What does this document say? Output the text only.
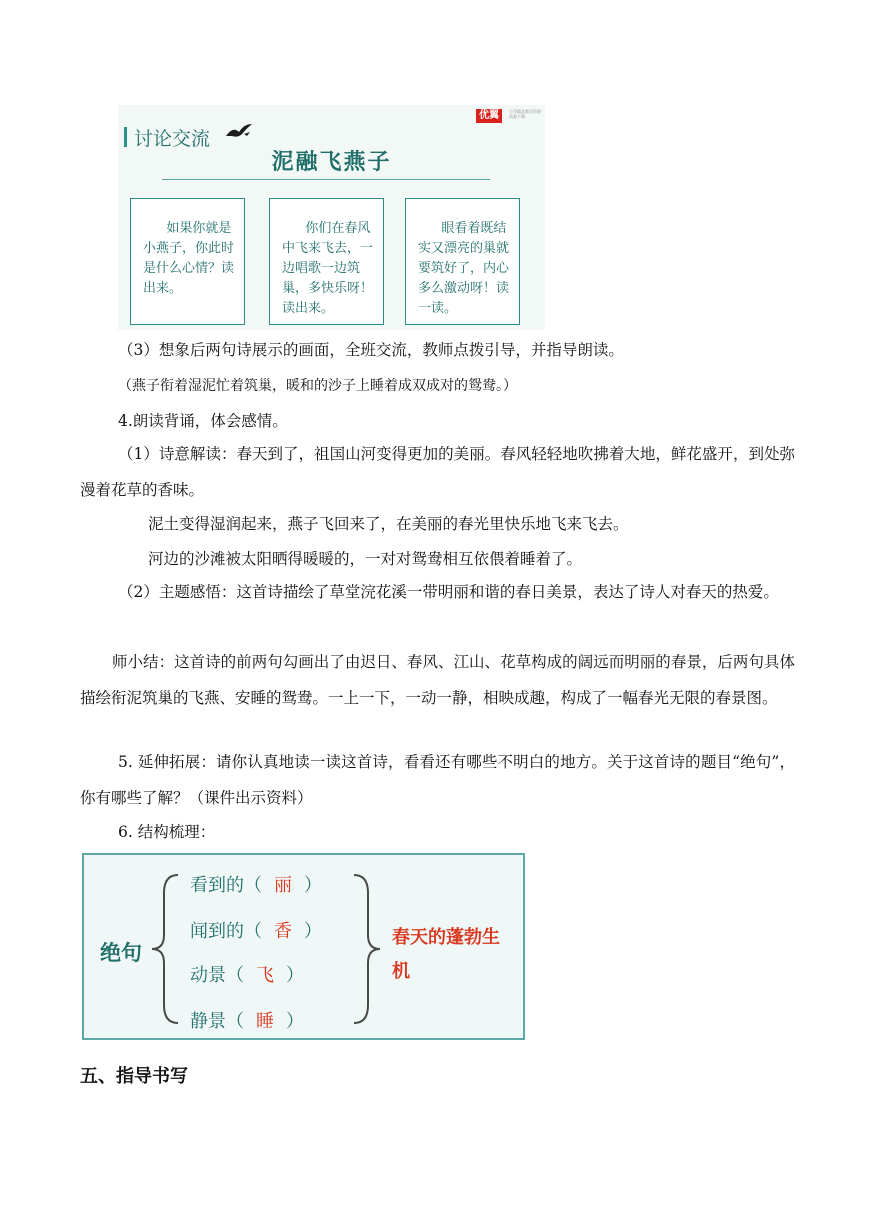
讨论交流
优翼	小学精品教学资源 资源下载
泥融飞燕子
如果你就是小燕子，你此时是什么心情？读出来。
你们在春风中飞来飞去，一边唱歌一边筑巢，多快乐呀！读出来。
眼看着既结实又漂亮的巢就要筑好了，内心多么激动呀！读一读。
（3）想象后两句诗展示的画面，全班交流，教师点拨引导，并指导朗读。
（燕子衔着湿泥忙着筑巢，暖和的沙子上睡着成双成对的鸳鸯。）
4.朗读背诵，体会感情。
（1）诗意解读：春天到了，祖国山河变得更加的美丽。春风轻轻地吹拂着大地，鲜花盛开，到处弥漫着花草的香味。
泥土变得湿润起来，燕子飞回来了，在美丽的春光里快乐地飞来飞去。
河边的沙滩被太阳晒得暖暖的，一对对鸳鸯相互依偎着睡着了。
（2）主题感悟：这首诗描绘了草堂浣花溪一带明丽和谐的春日美景，表达了诗人对春天的热爱。
师小结：这首诗的前两句勾画出了由迟日、春风、江山、花草构成的阔远而明丽的春景，后两句具体描绘衔泥筑巢的飞燕、安睡的鸳鸯。一上一下，一动一静，相映成趣，构成了一幅春光无限的春景图。
5. 延伸拓展：请你认真地读一读这首诗，看看还有哪些不明白的地方。关于这首诗的题目“绝句”，你有哪些了解？（课件出示资料）
6. 结构梳理：
绝句
看到的（ 丽 ）
闻到的（ 香 ）
动景（ 飞 ）
静景（ 睡 ）
春天的蓬勃生机
五、指导书写
